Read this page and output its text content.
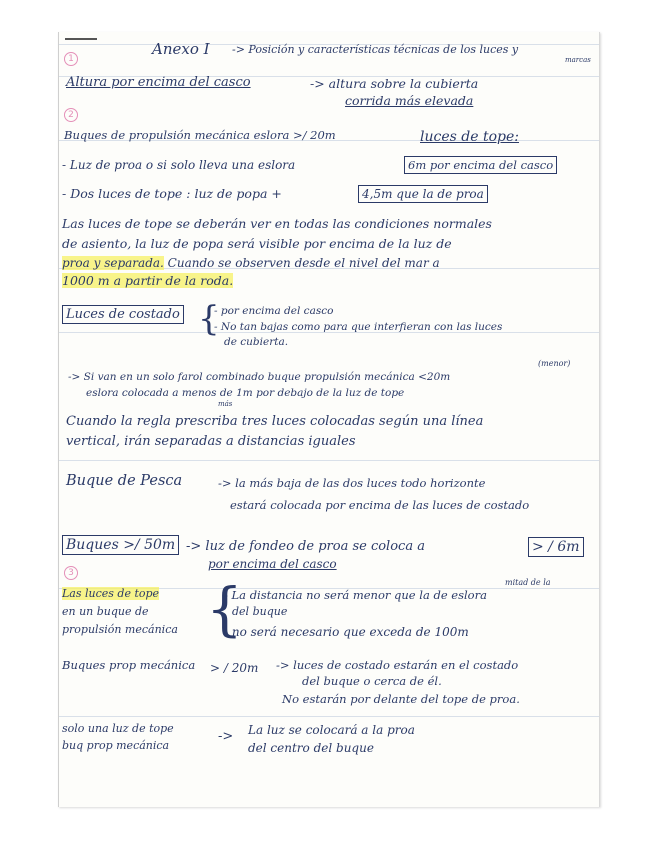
1
2
3
Anexo I -> Posición y características técnicas de los luces y
marcas
Altura por encima del casco	-> altura sobre la cubierta
corrida más elevada
Buques de propulsión mecánica eslora >/ 20m	luces de tope:
- Luz de proa o si solo lleva una eslora	6m por encima del casco
- Dos luces de tope : luz de popa +	4,5m que la de proa
Las luces de tope se deberán ver en todas las condiciones normales
de asiento, la luz de popa será visible por encima de la luz de
proa y separada. Cuando se observen desde el nivel del mar a
1000 m a partir de la roda.
Luces de costado {
- por encima del casco
- No tan bajas como para que interfieran con las luces
de cubierta.
(menor)
-> Si van en un solo farol combinado buque propulsión mecánica <20m
eslora colocada a menos de 1m por debajo de la luz de tope
más
Cuando la regla prescriba tres luces colocadas según una línea
vertical, irán separadas a distancias iguales
Buque de Pesca	-> la más baja de las dos luces todo horizonte
estará colocada por encima de las luces de costado
Buques >/ 50m -> luz de fondeo de proa se coloca a	> / 6m
por encima del casco
Las luces de tope
en un buque de
propulsión mecánica {	mitad de la
- La distancia no será menor que la de eslora
del buque
- no será necesario que exceda de 100m
Buques prop mecánica > / 20m -> luces de costado estarán en el costado
del buque o cerca de él.
No estarán por delante del tope de proa.
solo una luz de tope
buq prop mecánica
-> La luz se colocará a la proa
del centro del buque
